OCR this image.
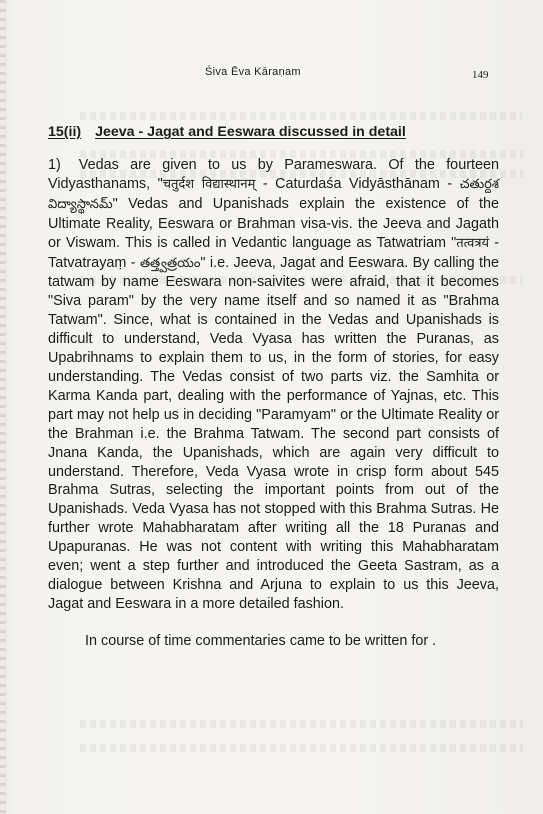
Śiva Ēva Kāraṇam	149
15(ii) Jeeva - Jagat and Eeswara discussed in detail

1) Vedas are given to us by Parameswara. Of the fourteen Vidyasthanams, "चतुर्दश विद्यास्थानम् - Caturdaśa Vidyāsthānam - చతుర్దశ విద్యాస్థానమ్" Vedas and Upanishads explain the existence of the Ultimate Reality, Eeswara or Brahman visa-vis. the Jeeva and Jagath or Viswam. This is called in Vedantic language as Tatwatriam "तत्वत्रयं - Tatvatrayaṃ - తత్త్వత్రయం" i.e. Jeeva, Jagat and Eeswara. By calling the tatwam by name Eeswara non-saivites were afraid, that it becomes "Siva param" by the very name itself and so named it as "Brahma Tatwam". Since, what is contained in the Vedas and Upanishads is difficult to understand, Veda Vyasa has written the Puranas, as Upabrihnams to explain them to us, in the form of stories, for easy understanding. The Vedas consist of two parts viz. the Samhita or Karma Kanda part, dealing with the performance of Yajnas, etc. This part may not help us in deciding "Paramyam" or the Ultimate Reality or the Brahman i.e. the Brahma Tatwam. The second part consists of Jnana Kanda, the Upanishads, which are again very difficult to understand. Therefore, Veda Vyasa wrote in crisp form about 545 Brahma Sutras, selecting the important points from out of the Upanishads. Veda Vyasa has not stopped with this Brahma Sutras. He further wrote Mahabharatam after writing all the 18 Puranas and Upapuranas. He was not content with writing this Mahabharatam even; went a step further and introduced the Geeta Sastram, as a dialogue between Krishna and Arjuna to explain to us this Jeeva, Jagat and Eeswara in a more detailed fashion.

In course of time commentaries came to be written for .
